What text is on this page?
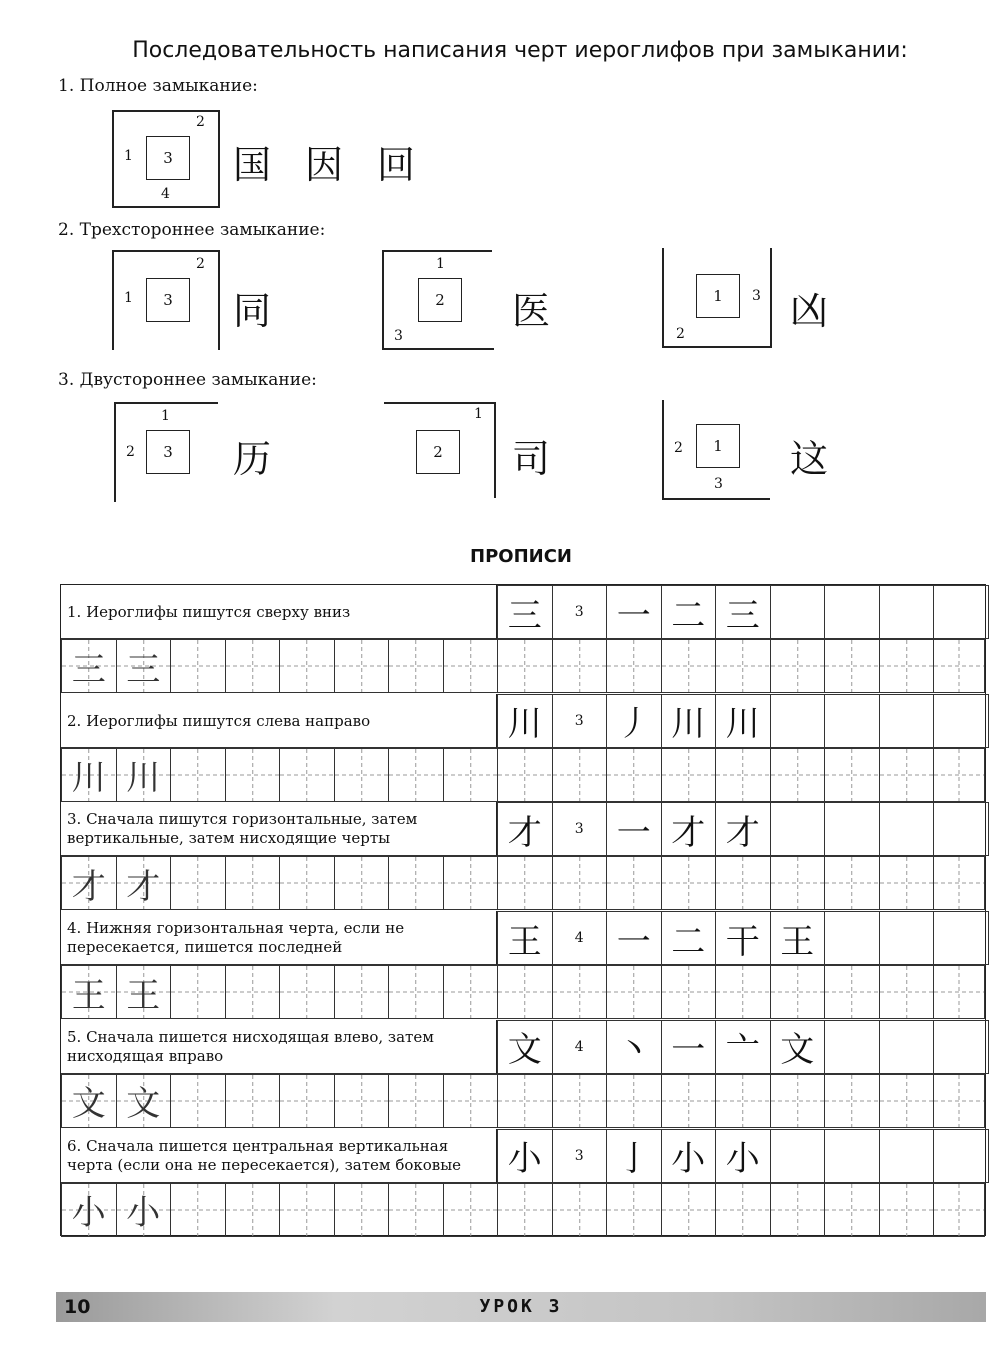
Последовательность написания черт иероглифов при замыкании:
1. Полное замыкание:
3
1
2
4
国 因 回
2. Трехстороннее замыкание:
3
1
2
2
1
3
1	3
2
同	医	凶
3. Двустороннее замыкание:
3
1
2	2
1
1
2
3
历	司	这
ПРОПИСИ
1. Иероглифы пишутся сверху вниз	三	3 一 二 三
三 三
2. Иероглифы пишутся слева направо	川	3 丿 川 川
川 川
3. Сначала пишутся горизонтальные, затем вертикальные, затем нисходящие черты	才	3 一 才 才
才 才
4. Нижняя горизонтальная черта, если не пересекается, пишется последней	王	4 一 二 干 王
王 王
5. Сначала пишется нисходящая влево, затем нисходящая вправо	文	4 丶 一 亠 文
文 文
6. Сначала пишется центральная вертикальная черта (если она не пересекается), затем боковые	小	3 亅 小 小
小 小
10	УРОК 3
